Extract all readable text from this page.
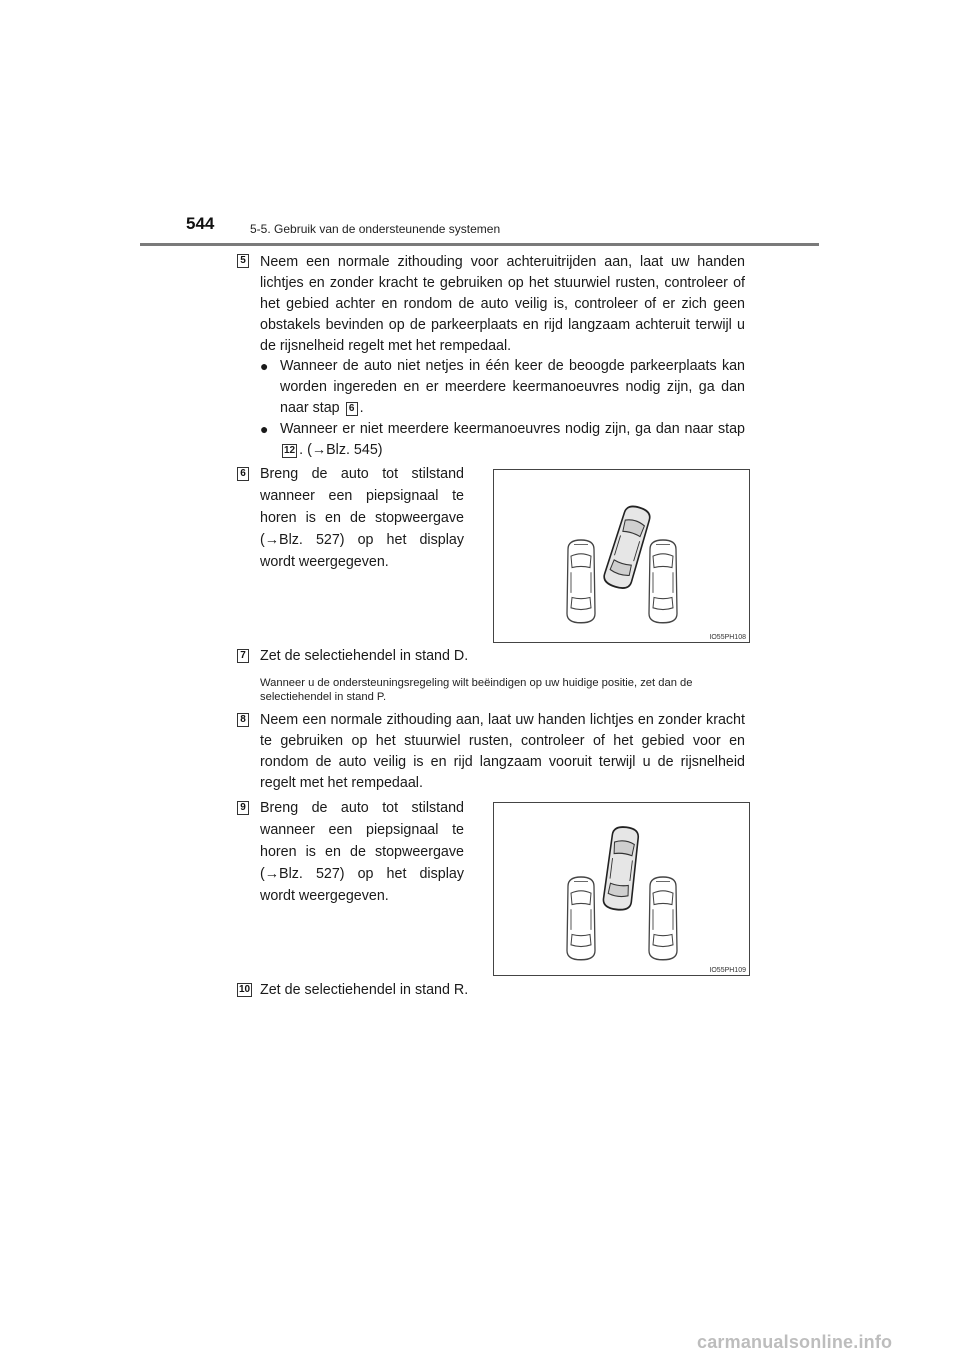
544	5-5. Gebruik van de ondersteunende systemen
5 Neem een normale zithouding voor achteruitrijden aan, laat uw handen lichtjes en zonder kracht te gebruiken op het stuurwiel rusten, controleer of het gebied achter en rondom de auto veilig is, controleer of er zich geen obstakels bevinden op de parkeerplaats en rijd langzaam achteruit terwijl u de rijsnelheid regelt met het rempedaal.
● Wanneer de auto niet netjes in één keer de beoogde parkeerplaats kan worden ingereden en er meerdere keermanoeuvres nodig zijn, ga dan naar stap 6 .
● Wanneer er niet meerdere keermanoeuvres nodig zijn, ga dan naar stap 12 . (→Blz. 545)
6 Breng de auto tot stilstand wanneer een piepsignaal te horen is en de stopweergave (→Blz. 527) op het display wordt weergegeven.
IO55PH108
7 Zet de selectiehendel in stand D.
Wanneer u de ondersteuningsregeling wilt beëindigen op uw huidige positie, zet dan de selectiehendel in stand P.
8 Neem een normale zithouding aan, laat uw handen lichtjes en zonder kracht te gebruiken op het stuurwiel rusten, controleer of het gebied voor en rondom de auto veilig is en rijd langzaam vooruit terwijl u de rijsnelheid regelt met het rempedaal.
9 Breng de auto tot stilstand wanneer een piepsignaal te horen is en de stopweergave (→Blz. 527) op het display wordt weergegeven.
IO55PH109
10 Zet de selectiehendel in stand R.
carmanualsonline.info
